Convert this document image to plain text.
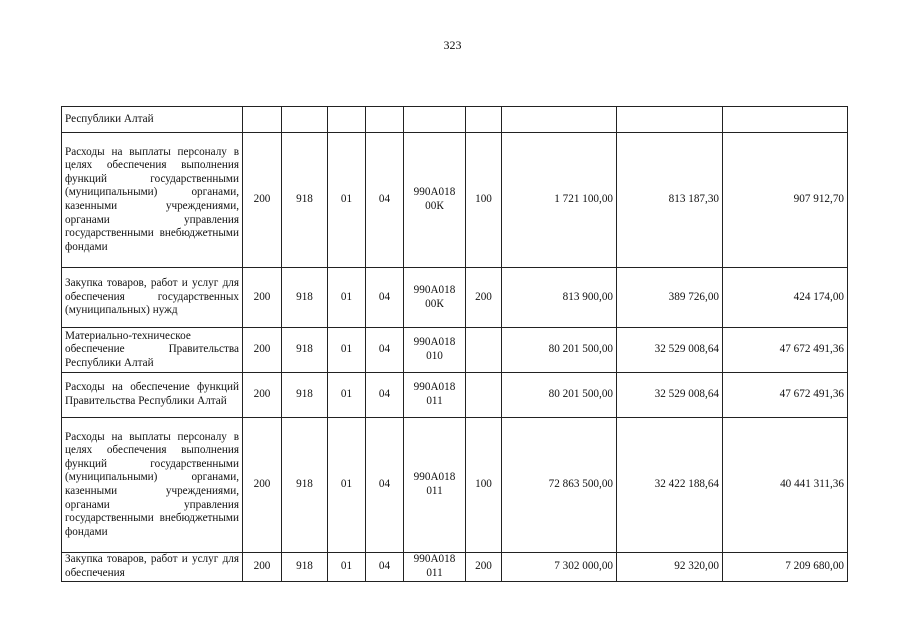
323
Республики Алтай									
Расходы на выплаты персоналу в целях обеспечения выполнения функций государственными (муниципальными) органами, казенными учреждениями, органами управления государственными внебюджетными фондами	200	918	01	04	990А018 00К	100	1 721 100,00	813 187,30	907 912,70
Закупка товаров, работ и услуг для обеспечения государственных (муниципальных) нужд	200	918	01	04	990А018 00К	200	813 900,00	389 726,00	424 174,00
Материально-техническое обеспечение Правительства Республики Алтай	200	918	01	04	990А018 010		80 201 500,00	32 529 008,64	47 672 491,36
Расходы на обеспечение функций Правительства Республики Алтай	200	918	01	04	990А018 011		80 201 500,00	32 529 008,64	47 672 491,36
Расходы на выплаты персоналу в целях обеспечения выполнения функций государственными (муниципальными) органами, казенными учреждениями, органами управления государственными внебюджетными фондами	200	918	01	04	990А018 011	100	72 863 500,00	32 422 188,64	40 441 311,36
Закупка товаров, работ и услуг для обеспечения	200	918	01	04	990А018 011	200	7 302 000,00	92 320,00	7 209 680,00
